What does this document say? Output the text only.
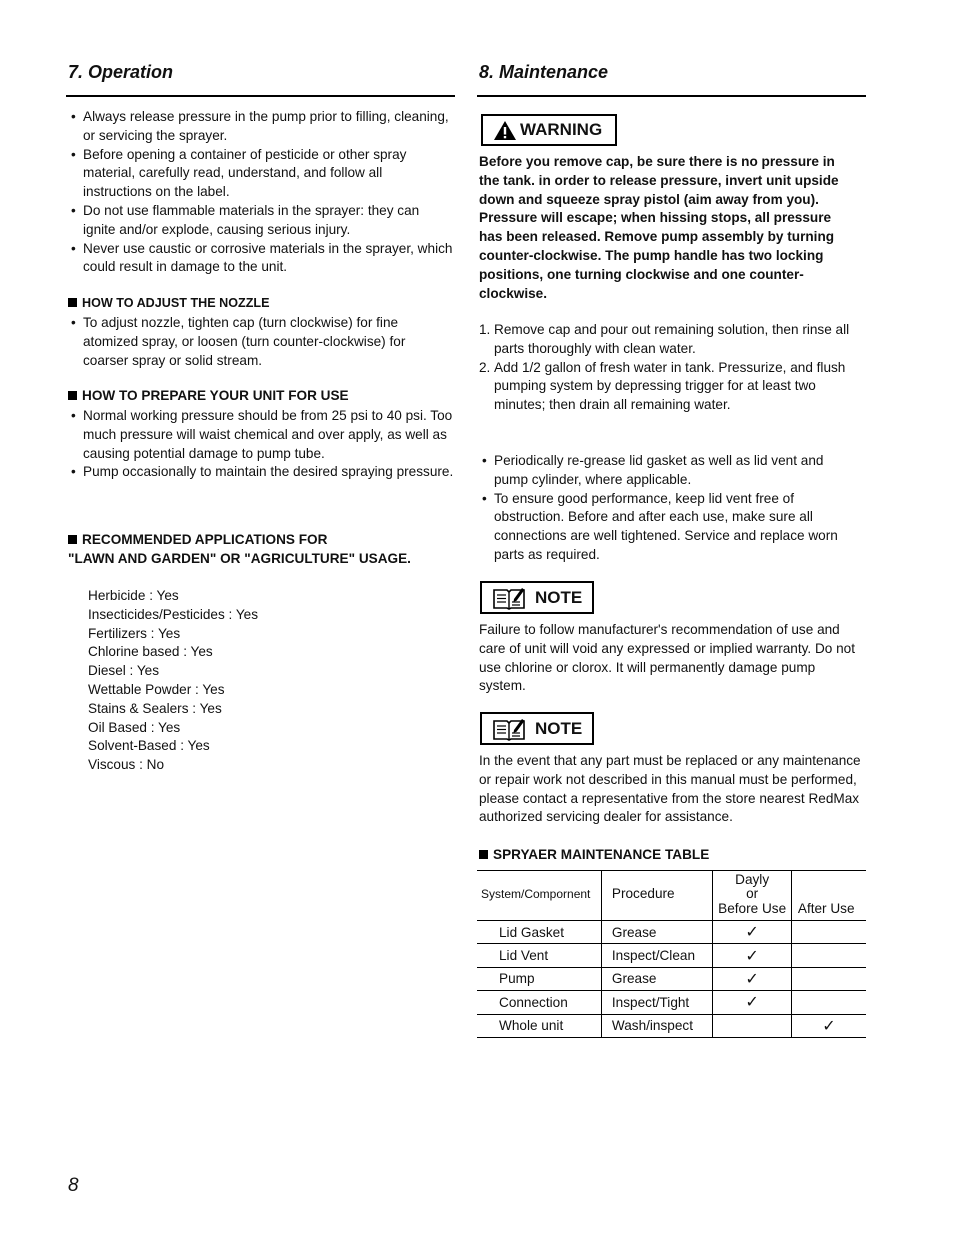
7. Operation
• Always release pressure in the pump prior to filling, cleaning, or servicing the sprayer.
• Before opening a container of pesticide or other spray material, carefully read, understand, and follow all instructions on the label.
• Do not use flammable materials in the sprayer: they can ignite and/or explode, causing serious injury.
• Never use caustic or corrosive materials in the sprayer, which could result in damage to the unit.
HOW TO ADJUST THE NOZZLE
• To adjust nozzle, tighten cap (turn clockwise) for fine atomized spray, or loosen (turn counter-clockwise) for coarser spray or solid stream.
HOW TO PREPARE YOUR UNIT FOR USE
• Normal working pressure should be from 25 psi to 40 psi. Too much pressure will waist chemical and over apply, as well as causing potential damage to pump tube.
• Pump occasionally to maintain the desired spraying pressure.
RECOMMENDED APPLICATIONS FOR
"LAWN AND GARDEN" OR "AGRICULTURE" USAGE.
Herbicide : Yes
Insecticides/Pesticides : Yes
Fertilizers : Yes
Chlorine based : Yes
Diesel : Yes
Wettable Powder : Yes
Stains & Sealers : Yes
Oil Based : Yes
Solvent-Based : Yes
Viscous : No
8. Maintenance
WARNING
Before you remove cap, be sure there is no pressure in the tank. in order to release pressure, invert unit upside down and squeeze spray pistol (aim away from you). Pressure will escape; when hissing stops, all pressure has been released. Remove pump assembly by turning counter-clockwise. The pump handle has two locking positions, one turning clockwise and one counter-clockwise.
1. Remove cap and pour out remaining solution, then rinse all parts thoroughly with clean water.
2. Add 1/2 gallon of fresh water in tank. Pressurize, and flush pumping system by depressing trigger for at least two minutes; then drain all remaining water.
• Periodically re-grease lid gasket as well as lid vent and pump cylinder, where applicable.
• To ensure good performance, keep lid vent free of obstruction. Before and after each use, make sure all connections are well tightened. Service and replace worn parts as required.
NOTE
Failure to follow manufacturer's recommendation of use and care of unit will void any expressed or implied warranty. Do not use chlorine or clorox. It will permanently damage pump system.
NOTE
In the event that any part must be replaced or any maintenance or repair work not described in this manual must be performed, please contact a representative from the store nearest RedMax authorized servicing dealer for assistance.
SPRYAER MAINTENANCE TABLE
System/Compornent	Procedure	Dayly
or
Before Use	After Use
Lid Gasket	Grease	✓	
Lid Vent	Inspect/Clean	✓	
Pump	Grease	✓	
Connection	Inspect/Tight	✓	
Whole unit	Wash/inspect		✓
8
